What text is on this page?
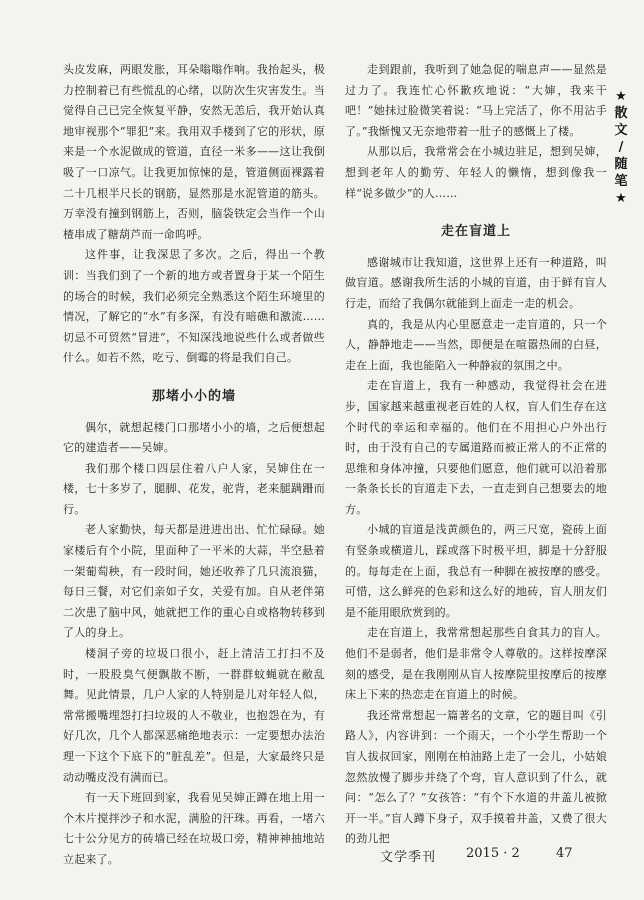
★
散
文
/
随
笔
★

头皮发麻，两眼发胀，耳朵嗡嗡作响。我抬起头，极力控制着已有些慌乱的心绪，以防次生灾害发生。当觉得自己已完全恢复平静，安然无恙后，我开始认真地审视那个“罪犯”来。我用双手楼到了它的形状，原来是一个水泥做成的管道，直径一米多——这让我倒吸了一口凉气。让我更加惊悚的是，管道侧面裸露着二十几根半尺长的钢筋，显然那是水泥管道的筋头。万幸没有撞到钢筋上，否则，脑袋铁定会当作一个山楂串成了糖葫芦而一命呜呼。

这件事，让我深思了多次。之后，得出一个教训：当我们到了一个新的地方或者置身于某一个陌生的场合的时候，我们必须完全熟悉这个陌生环境里的情况，了解它的“水”有多深，有没有暗礁和激流……切忌不可贸然“冒进”，不知深浅地说些什么或者做些什么。如若不然，吃亏、倒霉的将是我们自己。

那堵小小的墙

偶尔，就想起楼门口那堵小小的墙，之后便想起它的建造者——吴婶。

我们那个楼口四层住着八户人家，吴婶住在一楼，七十多岁了，腿脚、花发，驼背，老来腿蹒跚而行。

老人家勤快，每天都是进进出出、忙忙碌碌。她家楼后有个小院，里面种了一平米的大蒜，半空悬着一架葡萄秧，有一段时间，她还收养了几只流浪猫，每日三餐，对它们亲如子女，关爱有加。自从老伴第二次患了脑中风，她就把工作的重心自或格物转移到了人的身上。

楼洞子旁的垃圾口很小，赶上清洁工打扫不及时，一股股臭气便飘散不断，一群群蚊蝇就在敝乱舞。见此情景，几户人家的人特别是儿对年轻人似，常常搬嘴埋怨打扫垃圾的人不敬业，也抱怨在为，有好几次，几个人都深恶痛绝地表示：一定要想办法治理一下这个下底下的“脏乱差”。但是，大家最终只是动动嘴皮没有满而已。

有一天下班回到家，我看见吴婶正蹲在地上用一个木片搅拌沙子和水泥，满脸的汗珠。再看，一堵六七十公分见方的砖墙已经在垃圾口旁，精神神抽地站立起来了。

走到跟前，我听到了她急促的喘息声——显然是过力了。我连忙心怀歉疚地说：“大婶，我来干吧！”她抹过脸微笑着说：“马上完活了，你不用沾手了。”我惭愧又无奈地带着一肚子的感慨上了楼。

从那以后，我常常会在小城边驻足，想到吴婶，想到老年人的勤劳、年轻人的懒惰，想到像我一样“说多做少”的人……

走在盲道上

感谢城市让我知道，这世界上还有一种道路，叫做盲道。感谢我所生活的小城的盲道，由于鲜有盲人行走，而给了我偶尔就能到上面走一走的机会。

真的，我是从内心里愿意走一走盲道的，只一个人，静静地走——当然，即便是在喧嚣热闹的白昼，走在上面，我也能陷入一种静寂的氛围之中。

走在盲道上，我有一种感动，我觉得社会在进步，国家越来越重视老百姓的人权，盲人们生存在这个时代的幸运和幸福的。他们在不用担心户外出行时，由于没有自己的专属道路而被正常人的不正常的思维和身体冲撞，只要他们愿意，他们就可以沿着那一条条长长的盲道走下去，一直走到自己想要去的地方。

小城的盲道是浅黄颜色的，两三尺宽，瓷砖上面有竖条或横道儿，踩或落下时极平坦，脚是十分舒服的。每每走在上面，我总有一种脚在被按摩的感受。可惜，这么鲜亮的色彩和这么好的地砖，盲人朋友们是不能用眼欣赏到的。

走在盲道上，我常常想起那些自食其力的盲人。他们不是弱者，他们是非常令人尊敬的。这样按摩深刻的感受，是在我刚刚从盲人按摩院里按摩后的按摩床上下来的热恋走在盲道上的时候。

我还常常想起一篇著名的文章，它的题目叫《引路人》，内容讲到：一个雨天，一个小学生帮助一个盲人拔叔回家，刚刚在柏油路上走了一会儿，小姑娘忽然放慢了脚步并绕了个弯，盲人意识到了什么，就问：“怎么了？”女孩答：“有个下水道的井盖儿被掀开一半。”盲人蹲下身子，双手摸着井盖，又费了很大的劲儿把

文学季刊 2015 · 2	47
